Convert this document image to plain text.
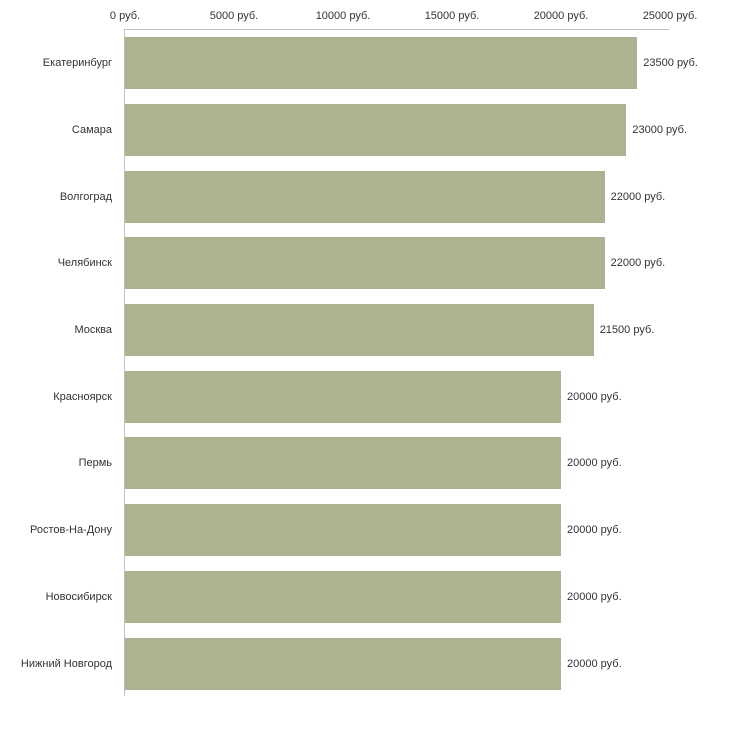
0 руб.	5000 руб.	10000 руб.	15000 руб.	20000 руб.	25000 руб.
Екатеринбург	23500 руб.
Самара	23000 руб.
Волгоград	22000 руб.
Челябинск	22000 руб.
Москва	21500 руб.
Красноярск	20000 руб.
Пермь	20000 руб.
Ростов-На-Дону	20000 руб.
Новосибирск	20000 руб.
Нижний Новгород	20000 руб.
